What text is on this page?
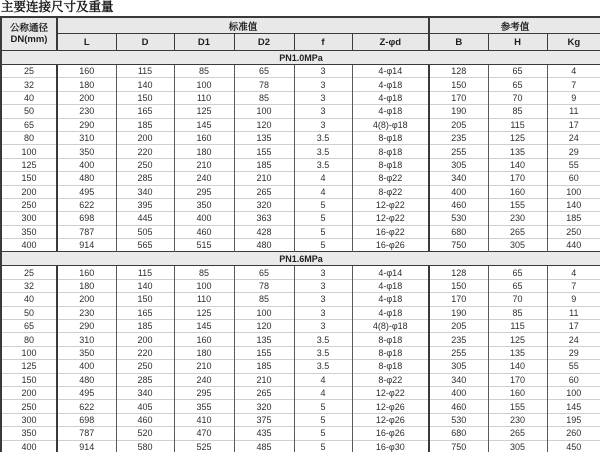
主要连接尺寸及重量
公称通径
DN(mm)	标准值						参考值		
	L	D	D1	D2	f	Z-φd	B	H	Kg
PN1.0MPa									
25	160	115	85	65	3	4-φ14	128	65	4
32	180	140	100	78	3	4-φ18	150	65	7
40	200	150	110	85	3	4-φ18	170	70	9
50	230	165	125	100	3	4-φ18	190	85	11
65	290	185	145	120	3	4(8)-φ18	205	115	17
80	310	200	160	135	3.5	8-φ18	235	125	24
100	350	220	180	155	3.5	8-φ18	255	135	29
125	400	250	210	185	3.5	8-φ18	305	140	55
150	480	285	240	210	4	8-φ22	340	170	60
200	495	340	295	265	4	8-φ22	400	160	100
250	622	395	350	320	5	12-φ22	460	155	140
300	698	445	400	363	5	12-φ22	530	230	185
350	787	505	460	428	5	16-φ22	680	265	250
400	914	565	515	480	5	16-φ26	750	305	440
PN1.6MPa									
25	160	115	85	65	3	4-φ14	128	65	4
32	180	140	100	78	3	4-φ18	150	65	7
40	200	150	110	85	3	4-φ18	170	70	9
50	230	165	125	100	3	4-φ18	190	85	11
65	290	185	145	120	3	4(8)-φ18	205	115	17
80	310	200	160	135	3.5	8-φ18	235	125	24
100	350	220	180	155	3.5	8-φ18	255	135	29
125	400	250	210	185	3.5	8-φ18	305	140	55
150	480	285	240	210	4	8-φ22	340	170	60
200	495	340	295	265	4	12-φ22	400	160	100
250	622	405	355	320	5	12-φ26	460	155	145
300	698	460	410	375	5	12-φ26	530	230	195
350	787	520	470	435	5	16-φ26	680	265	260
400	914	580	525	485	5	16-φ30	750	305	450
